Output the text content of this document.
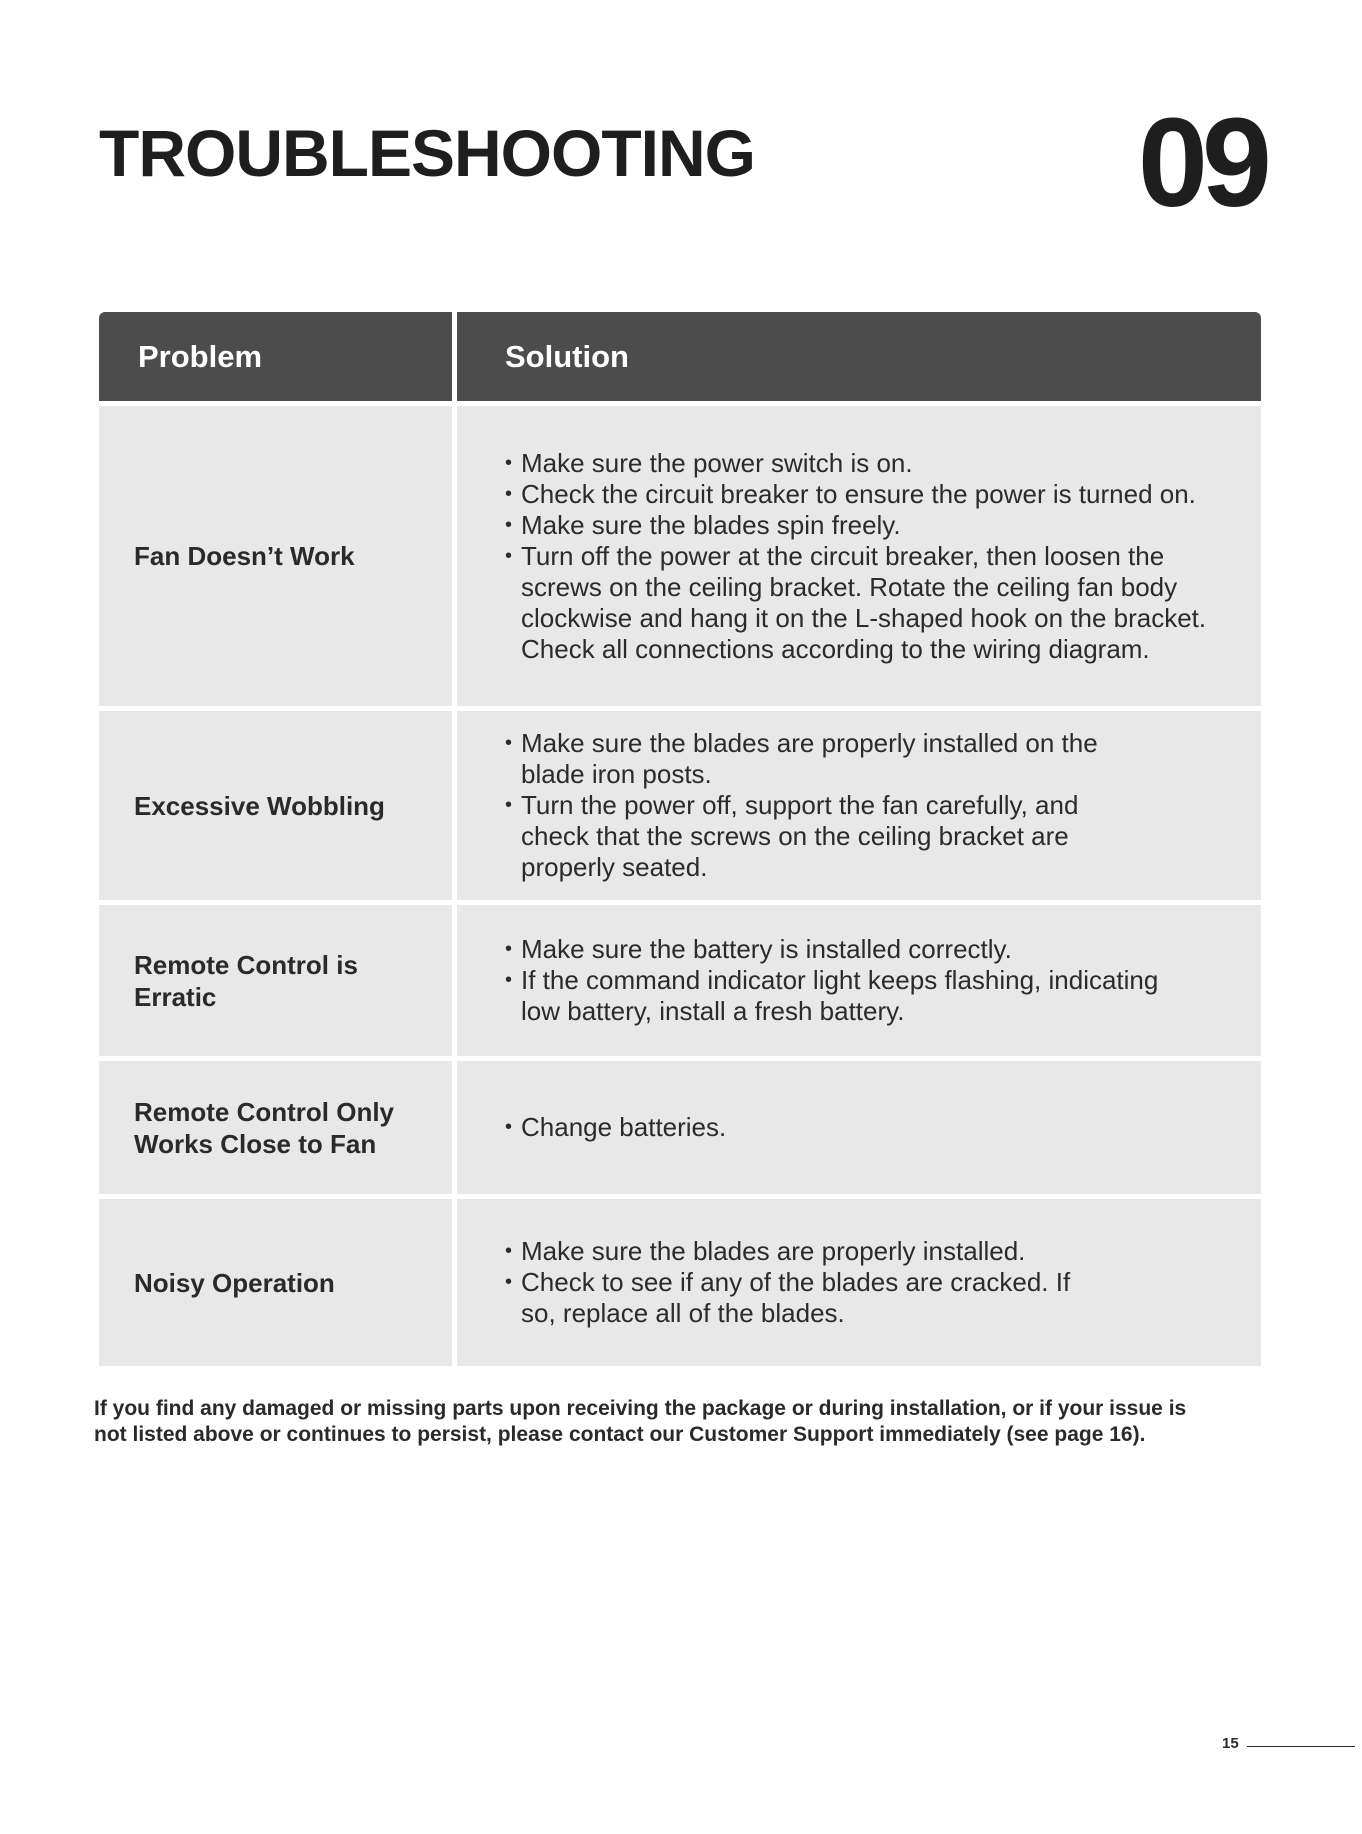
TROUBLESHOOTING	09
Problem	Solution
Fan Doesn’t Work
• Make sure the power switch is on.
• Check the circuit breaker to ensure the power is turned on.
• Make sure the blades spin freely.
• Turn off the power at the circuit breaker, then loosen the
screws on the ceiling bracket. Rotate the ceiling fan body
clockwise and hang it on the L-shaped hook on the bracket.
Check all connections according to the wiring diagram.
Excessive Wobbling
• Make sure the blades are properly installed on the
blade iron posts.
• Turn the power off, support the fan carefully, and
check that the screws on the ceiling bracket are
properly seated.
Remote Control is
Erratic
• Make sure the battery is installed correctly.
• If the command indicator light keeps flashing, indicating
low battery, install a fresh battery.
Remote Control Only
Works Close to Fan
• Change batteries.
Noisy Operation
• Make sure the blades are properly installed.
• Check to see if any of the blades are cracked. If
so, replace all of the blades.

If you find any damaged or missing parts upon receiving the package or during installation, or if your issue is
not listed above or continues to persist, please contact our Customer Support immediately (see page 16).

15
